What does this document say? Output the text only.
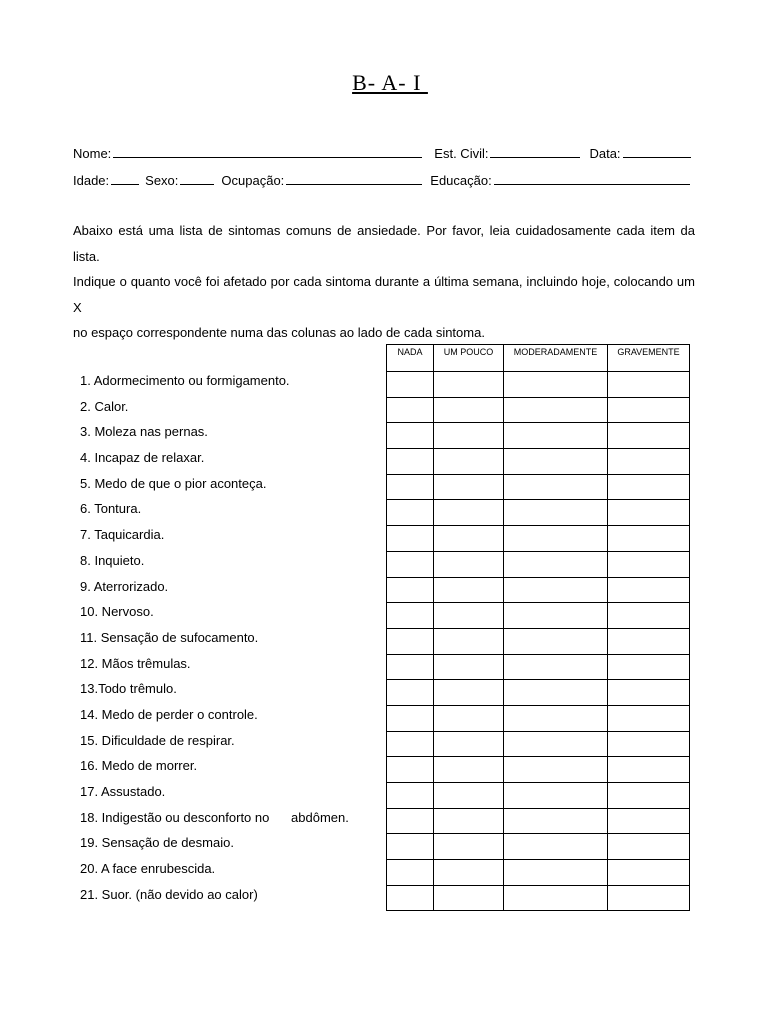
B- A- I
Nome:	Est. Civil:	Data:
Idade:	Sexo:	Ocupação:	Educação:

Abaixo está uma lista de sintomas comuns de ansiedade. Por favor, leia cuidadosamente cada item da lista.

Indique o quanto você foi afetado por cada sintoma durante a última semana, incluindo hoje, colocando um X

no espaço correspondente numa das colunas ao lado de cada sintoma.

1. Adormecimento ou formigamento.
2. Calor.
3. Moleza nas pernas.
4. Incapaz de relaxar.
5. Medo de que o pior aconteça.
6. Tontura.
7. Taquicardia.
8. Inquieto.
9. Aterrorizado.
10. Nervoso.
11. Sensação de sufocamento.
12. Mãos trêmulas.
13.Todo trêmulo.
14. Medo de perder o controle.
15. Dificuldade de respirar.
16. Medo de morrer.
17. Assustado.
18. Indigestão ou desconforto no      abdômen.
19. Sensação de desmaio.
20. A face enrubescida.
21. Suor. (não devido ao calor)
NADA	UM POUCO	MODERADAMENTE	GRAVEMENTE
